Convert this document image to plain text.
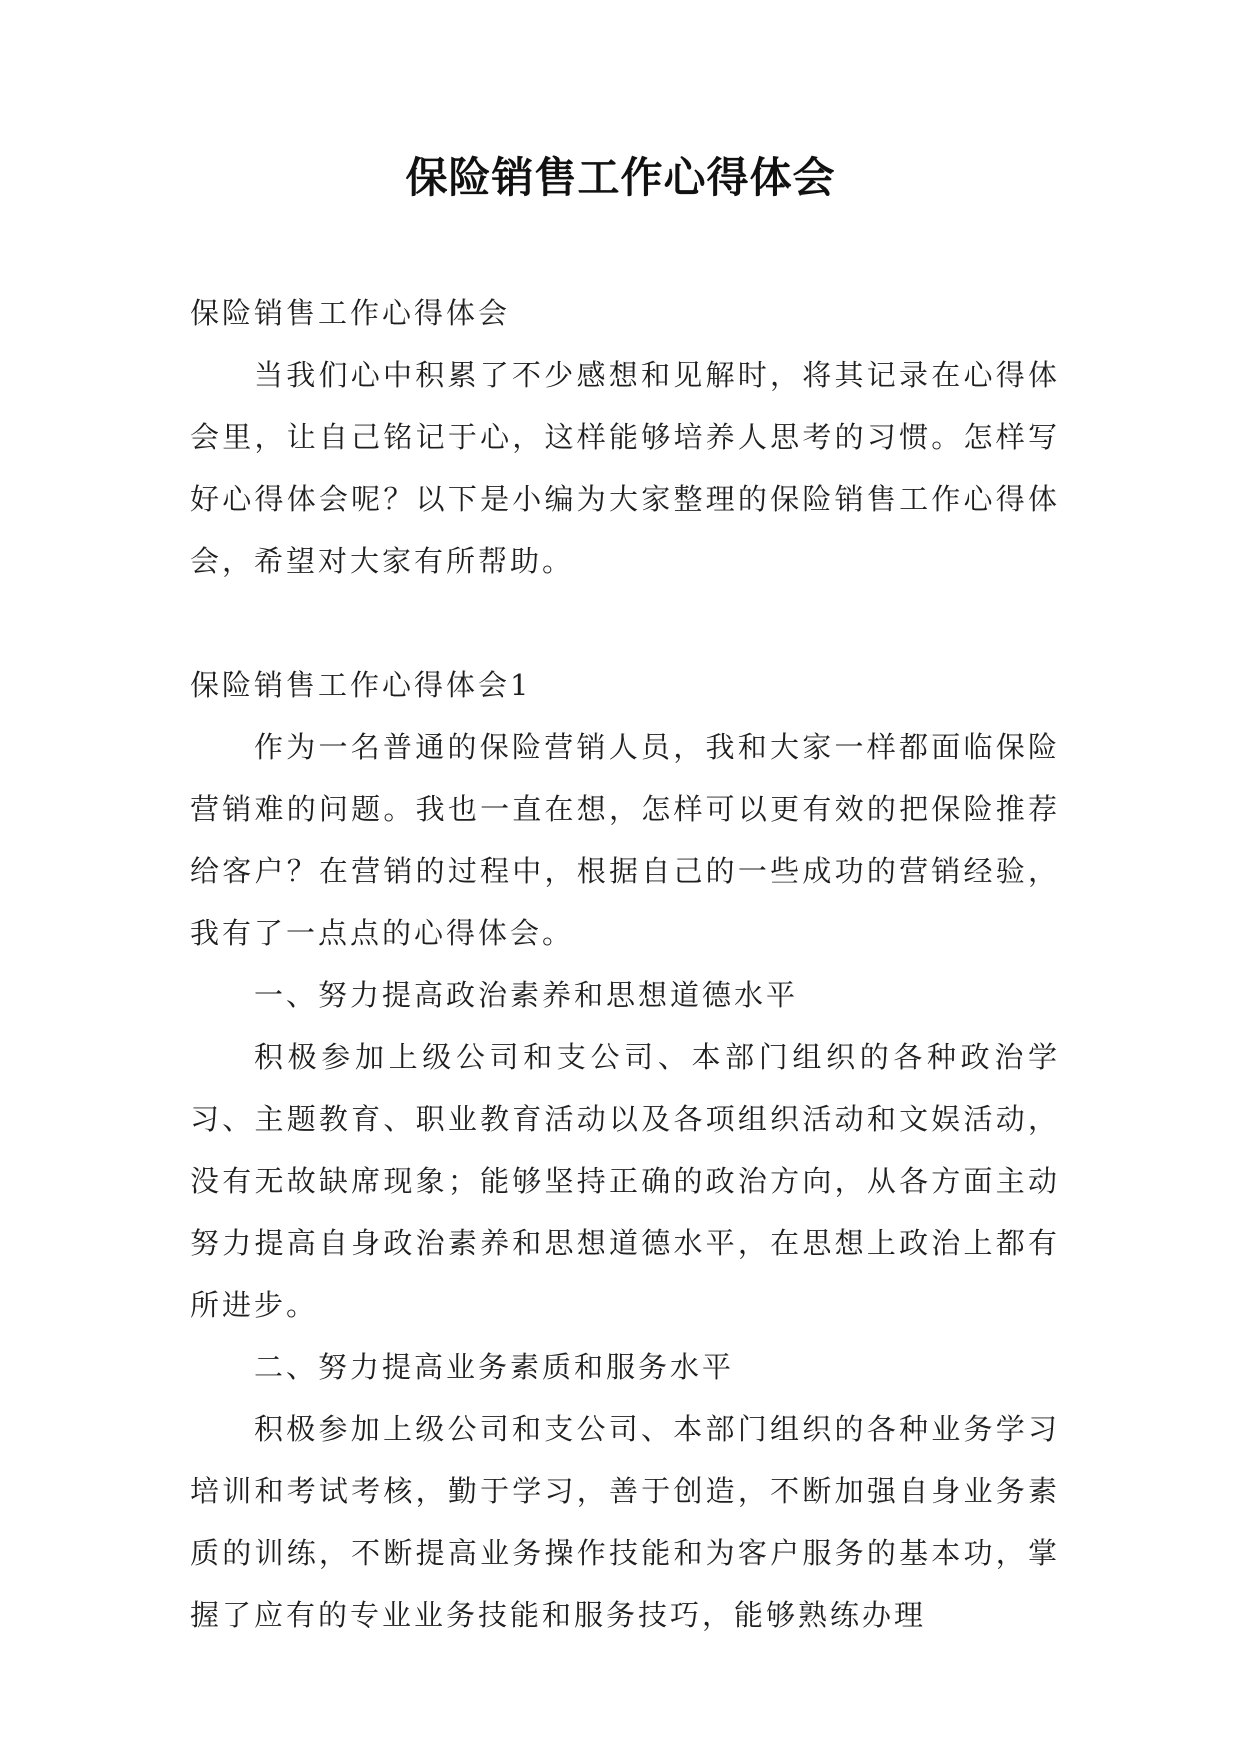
保险销售工作心得体会

保险销售工作心得体会

当我们心中积累了不少感想和见解时，将其记录在心得体会里，让自己铭记于心，这样能够培养人思考的习惯。怎样写好心得体会呢？以下是小编为大家整理的保险销售工作心得体会，希望对大家有所帮助。

保险销售工作心得体会1

作为一名普通的保险营销人员，我和大家一样都面临保险营销难的问题。我也一直在想，怎样可以更有效的把保险推荐给客户？在营销的过程中，根据自己的一些成功的营销经验，我有了一点点的心得体会。

一、努力提高政治素养和思想道德水平

积极参加上级公司和支公司、本部门组织的各种政治学习、主题教育、职业教育活动以及各项组织活动和文娱活动，没有无故缺席现象；能够坚持正确的政治方向，从各方面主动努力提高自身政治素养和思想道德水平，在思想上政治上都有所进步。

二、努力提高业务素质和服务水平

积极参加上级公司和支公司、本部门组织的各种业务学习培训和考试考核，勤于学习，善于创造，不断加强自身业务素质的训练，不断提高业务操作技能和为客户服务的基本功，掌握了应有的专业业务技能和服务技巧，能够熟练办理
